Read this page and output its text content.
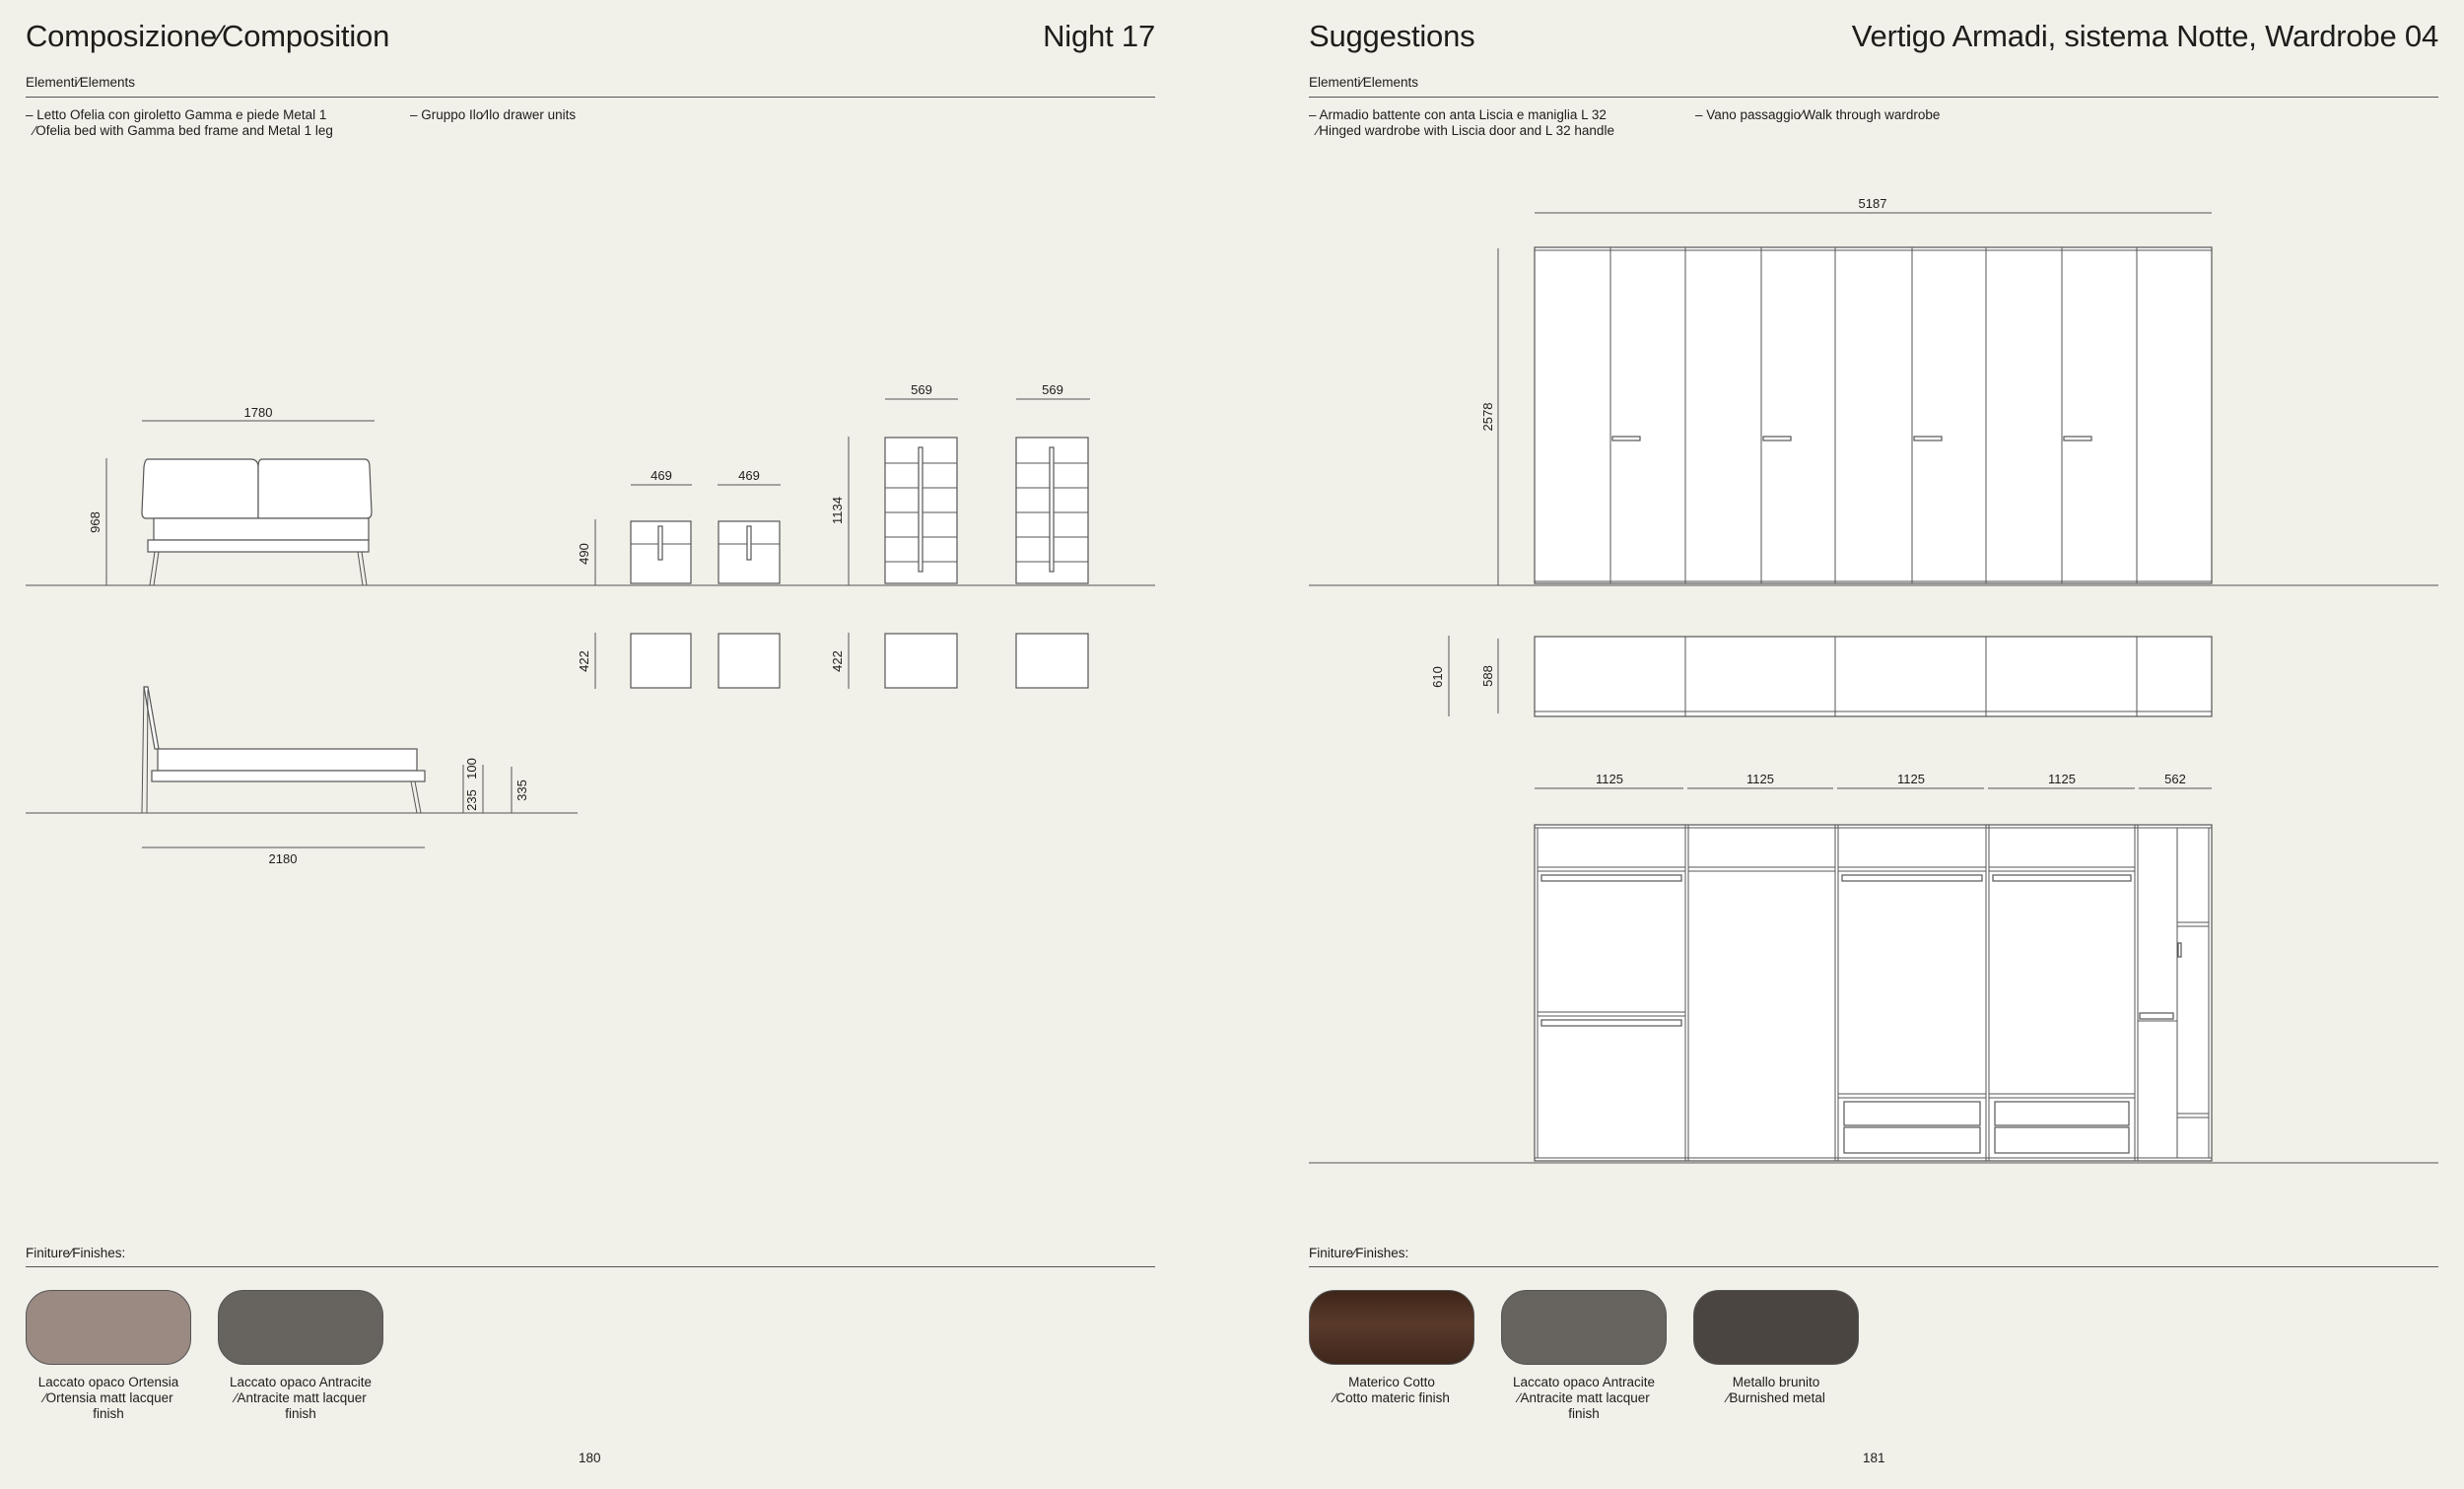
Composizione∕Composition	Night 17
Elementi∕Elements
– Letto Ofelia con giroletto Gamma e piede Metal 1
∕Ofelia bed with Gamma bed frame and Metal 1 leg
– Gruppo Ilo∕Ilo drawer units
1780
968
469	469
490
569	569
1134
422	422
235
100
335
2180
Finiture∕Finishes:
Laccato opaco Ortensia
∕Ortensia matt lacquer
finish
Laccato opaco Antracite
∕Antracite matt lacquer
finish
180
Suggestions	Vertigo Armadi, sistema Notte, Wardrobe 04
Elementi∕Elements
– Armadio battente con anta Liscia e maniglia L 32
∕Hinged wardrobe with Liscia door and L 32 handle
– Vano passaggio∕Walk through wardrobe
5187
2578
610	588
1125	1125	1125	1125	562
Finiture∕Finishes:
Materico Cotto
∕Cotto materic finish
Laccato opaco Antracite
∕Antracite matt lacquer
finish
Metallo brunito
∕Burnished metal
181
